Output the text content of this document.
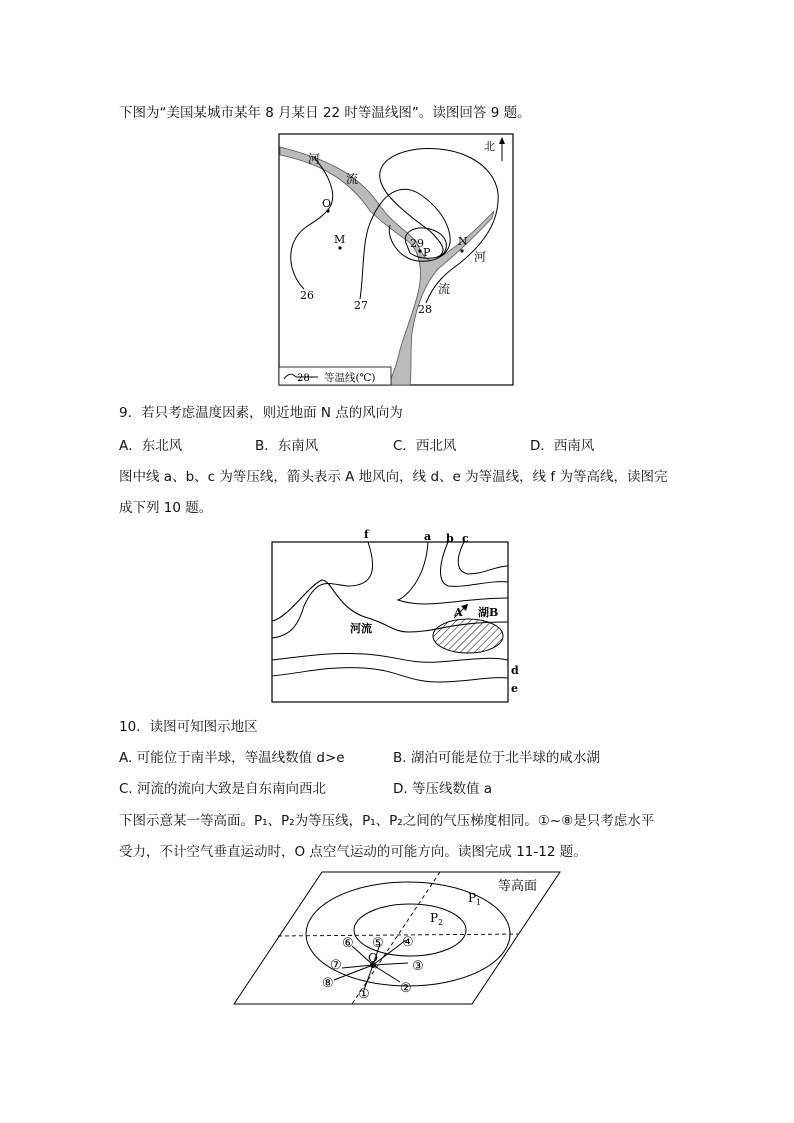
下图为“美国某城市某年 8 月某日 22 时等温线图”。读图回答 9 题。
河
流
河
流
O
M
P
N
26
27	28
29
北
28 等温线(℃)
9．若只考虑温度因素，则近地面 N 点的风向为
A．东北风	B．东南风	C．西北风	D．西南风
图中线 a、b、c 为等压线，箭头表示 A 地风向，线 d、e 为等温线，线 f 为等高线，读图完
成下列 10 题。
f	a b c
d
e
A 湖B
河流
10．读图可知图示地区
A. 可能位于南半球，等温线数值 d>e	B. 湖泊可能是位于北半球的咸水湖
C. 河流的流向大致是自东南向西北	D. 等压线数值 a
下图示意某一等高面。P₁、P₂为等压线，P₁、P₂之间的气压梯度相同。①~⑧是只考虑水平
受力，不计空气垂直运动时，O 点空气运动的可能方向。读图完成 11-12 题。
等高面
P 1
P 2
O
① ②
③
④
⑤
⑥
⑦
⑧
